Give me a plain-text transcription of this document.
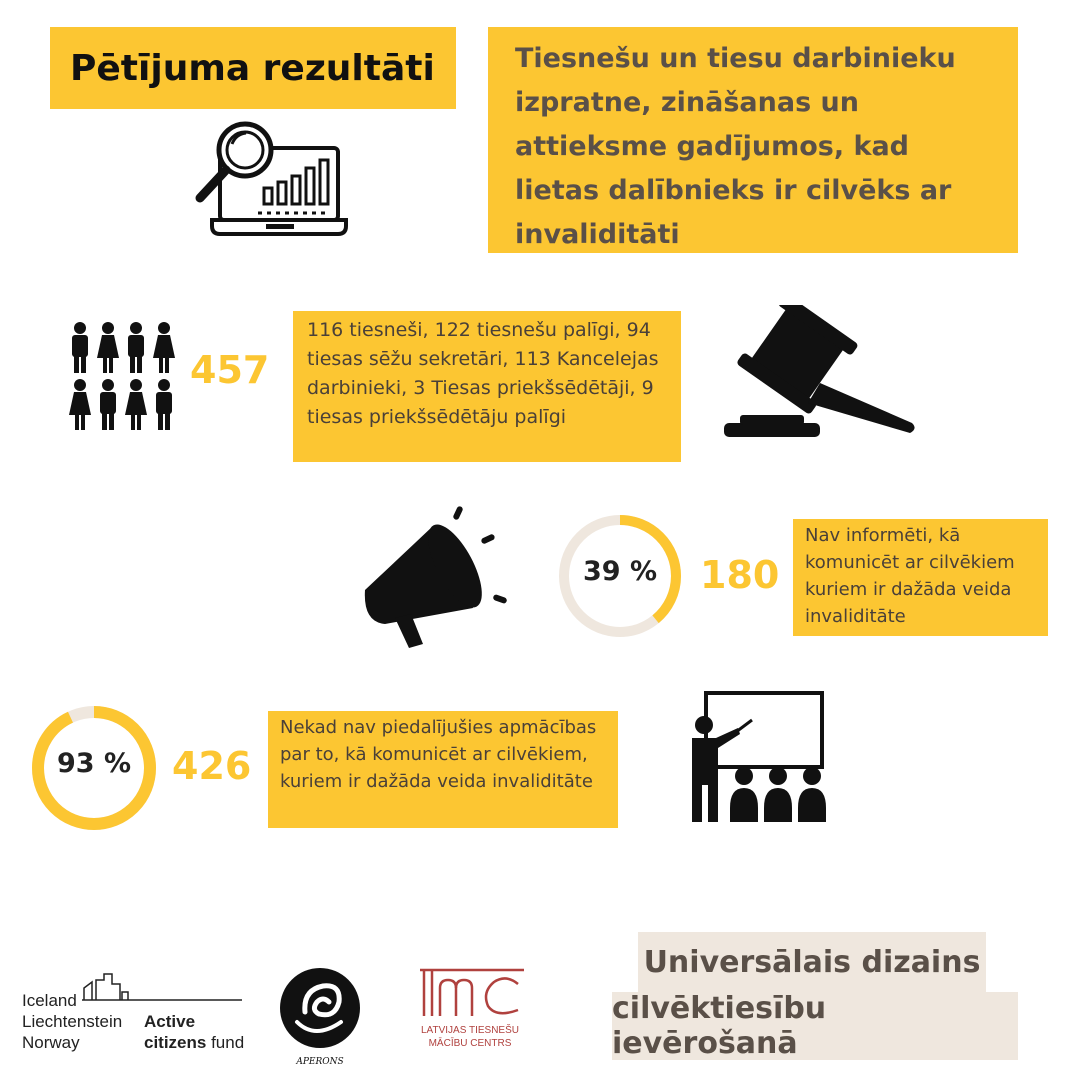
Pētījuma rezultāti	Tiesnešu un tiesu darbinieku izpratne, zināšanas un attieksme gadījumos, kad lietas dalībnieks ir cilvēks ar invaliditāti
457
116 tiesneši, 122 tiesnešu palīgi, 94 tiesas sēžu sekretāri, 113 Kancelejas darbinieki, 3 Tiesas priekšsēdētāji, 9 tiesas priekšsēdētāju palīgi
39 %	180
Nav informēti, kā komunicēt ar cilvēkiem kuriem ir dažāda veida invaliditāte
93 %	426
Nekad nav piedalījušies apmācības par to, kā komunicēt ar cilvēkiem, kuriem ir dažāda veida invaliditāte
Iceland
Liechtenstein
Norway
Active
citizens fund
APERONS
LATVIJAS TIESNEŠU
MĀCĪBU CENTRS
Universālais dizains
cilvēktiesību ievērošanā
